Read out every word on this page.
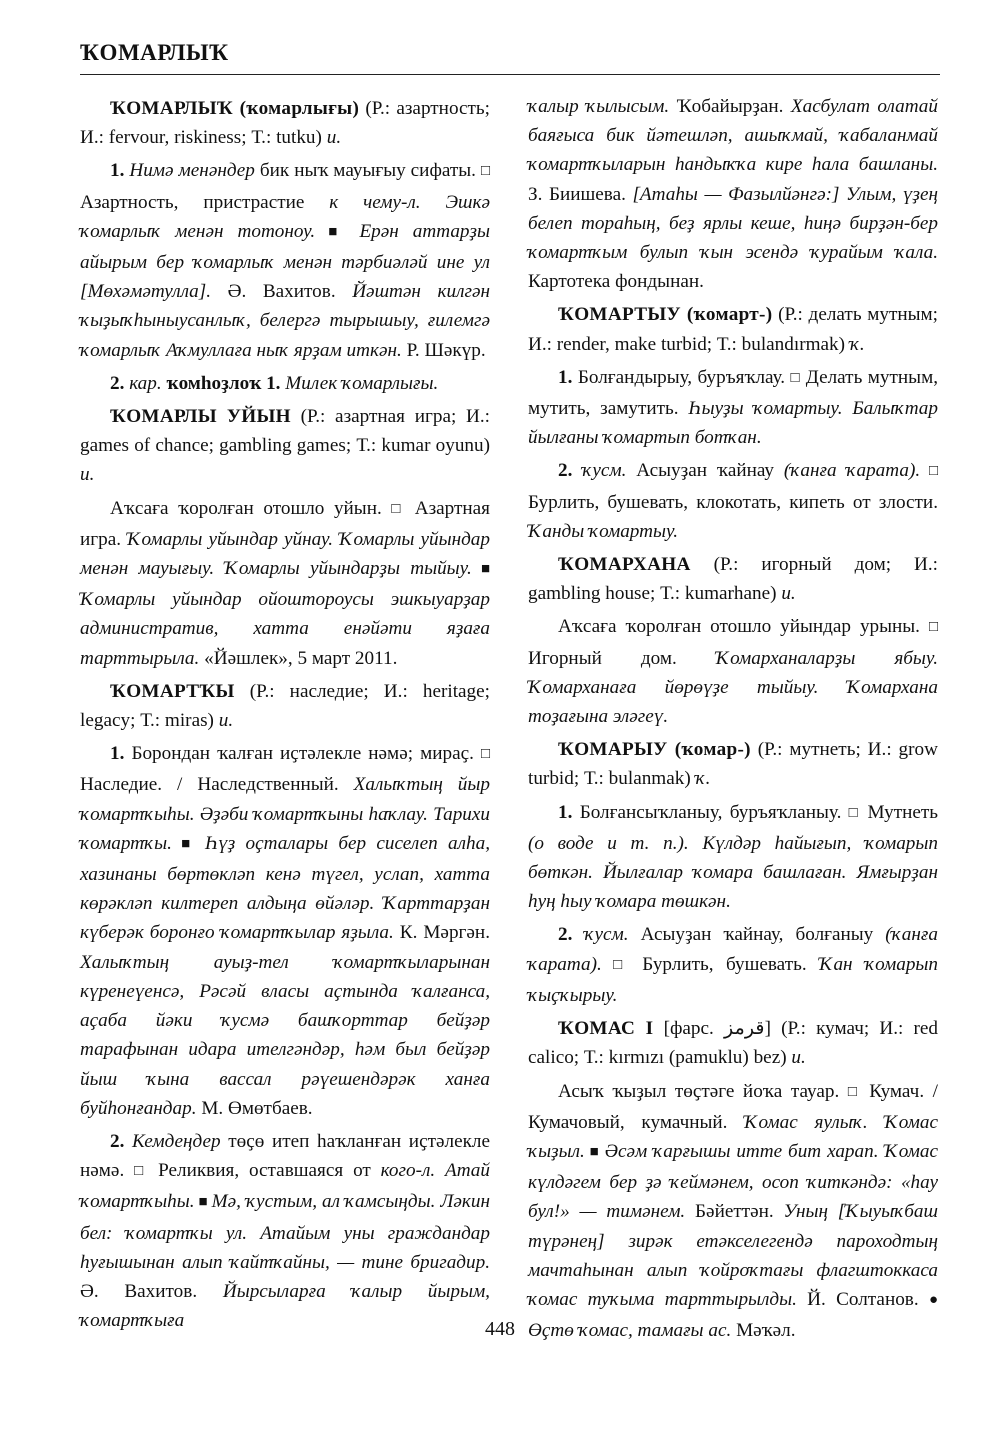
ҠОМАРЛЫҠ

ҠОМАРЛЫҠ (ҡомарлығы) (Р.: азартность; И.: fervour, riskiness; Т.: tutku) и.

1. Нимә менәндер бик ныҡ мауығыу сифаты. □ Азартность, пристрастие к чему-л. Эшкә ҡомарлыҡ менән тотоноу. ■ Ерән аттарҙы айырым бер ҡомарлыҡ менән тәрбиәләй ине ул [Мөхәмәтулла]. Ә. Вахитов. Йәштән килгән ҡыҙыҡһыныусанлыҡ, белергә тырышыу, ғилемгә ҡомарлыҡ Аҡмуллаға ныҡ ярҙам иткән. Р. Шәкүр.

2. кар. ҡомһоҙлоҡ 1. Милек ҡомарлығы.

ҠОМАРЛЫ УЙЫН (Р.: азартная игра; И.: games of chance; gambling games; Т.: kumar oyunu) и.

Аҡсаға ҡоролған отошло уйын. □ Азартная игра. Ҡомарлы уйындар уйнау. Ҡомарлы уйындар менән мауығыу. Ҡомарлы уйындарҙы тыйыу. ■ Ҡомарлы уйындар ойоштороусы эшкыуарҙар административ, хатта енәйәти яҙаға тарттырыла. «Йәшлек», 5 март 2011.

ҠОМАРТҠЫ (Р.: наследие; И.: heritage; legacy; Т.: miras) и.

1. Борондан ҡалған иҫтәлекле нәмә; мираҫ. □ Наследие. / Наследственный. Халыҡтың йыр ҡомартҡыһы. Әҙәби ҡомартҡыны һаҡлау. Тарихи ҡомартҡы. ■ Һүҙ оҫталары бер сиселеп алһа, хазинаны бөртөкләп кенә түгел, услап, хатта көрәкләп килтереп алдыңа өйәләр. Ҡарттарҙан күберәк боронғо ҡомартҡылар яҙыла. К. Мәргән. Халыҡтың ауыҙ-тел ҡомартҡыларынан күренеүенсә, Рәсәй власы аҫтында ҡалғанса, аҫаба йәки ҡусмә башҡорттар бейҙәр тарафынан идара ителгәндәр, һәм был бейҙәр йыш ҡына вассал рәүешендәрәк ханға буйһонғандар. М. Өмөтбаев.

2. Кемдеңдер төҫө итеп һаҡланған иҫтәлекле нәмә. □ Реликвия, оставшаяся от кого-л. Атай ҡомартҡыһы. ■ Мә, ҡустым, ал ҡамсыңды. Ләкин бел: ҡомартҡы ул. Атайым уны граждандар һуғышынан алып ҡайтҡайны, — тине бригадир. Ә. Вахитов. Йырсыларға ҡалыр йырым, ҡомартҡыға

ҡалыр ҡылысым. Ҡобайырҙан. Хасбулат олатай баяғыса бик йәтешләп, ашыҡмай, ҡабаланмай ҡомартҡыларын һандыҡҡа кире һала башланы. З. Биишева. [Атаһы — Фазылйәнгә:] Улым, үҙең белеп тораһың, беҙ ярлы кеше, һиңә бирҙән-бер ҡомартҡым булып ҡын эсендә ҡурайым ҡала. Картотека фондынан.

ҠОМАРТЫУ (ҡомарт-) (Р.: делать мутным; И.: render, make turbid; Т.: bulandırmak) ҡ.

1. Болғандырыу, буръяҡлау. □ Делать мутным, мутить, замутить. Һыуҙы ҡомартыу. Балыҡтар йылғаны ҡомартып ботҡан.

2. ҡусм. Асыуҙан ҡайнау (ҡанға ҡарата). □ Бурлить, бушевать, клокотать, кипеть от злости. Ҡанды ҡомартыу.

ҠОМАРХАНА (Р.: игорный дом; И.: gambling house; Т.: kumarhane) и.

Аҡсаға ҡоролған отошло уйындар урыны. □ Игорный дом. Ҡомарханаларҙы ябыу. Ҡомарханаға йөрөүҙе тыйыу. Ҡомархана тоҙағына эләгеү.

ҠОМАРЫУ (ҡомар-) (Р.: мутнеть; И.: grow turbid; Т.: bulanmak) ҡ.

1. Болғансыҡланыу, буръяҡланыу. □ Мутнеть (о воде и т. п.). Күлдәр һайығып, ҡомарып бөткән. Йылғалар ҡомара башлаған. Ямғырҙан һуң һыу ҡомара төшкән.

2. ҡусм. Асыуҙан ҡайнау, болғаныу (ҡанға ҡарата). □ Бурлить, бушевать. Ҡан ҡомарып ҡыҫҡырыу.

ҠОМАС I [фарс. قرمز] (Р.: кумач; И.: red calico; Т.: kırmızı (pamuklu) bez) и.

Асыҡ ҡыҙыл төҫтәге йоҡа тауар. □ Кумач. / Кумачовый, кумачный. Ҡомас яулыҡ. Ҡомас ҡыҙыл. ■ Әсәм ҡарғышы итте бит харап. Ҡомас күлдәгем бер ҙә ҡеймәнем, осоп ҡиткәндә: «һау бул!» — тимәнем. Бәйеттән. Уның [Ҡыуыҡбаш түрәнең] зирәк етәкселегендә пароходтың мачтаһынан алып ҡойроҡтағы флагштоккаса ҡомас туҡыма тарттырылды. Й. Солтанов. ● Өҫтө ҡомас, тамағы ас. Мәҡәл.

448
